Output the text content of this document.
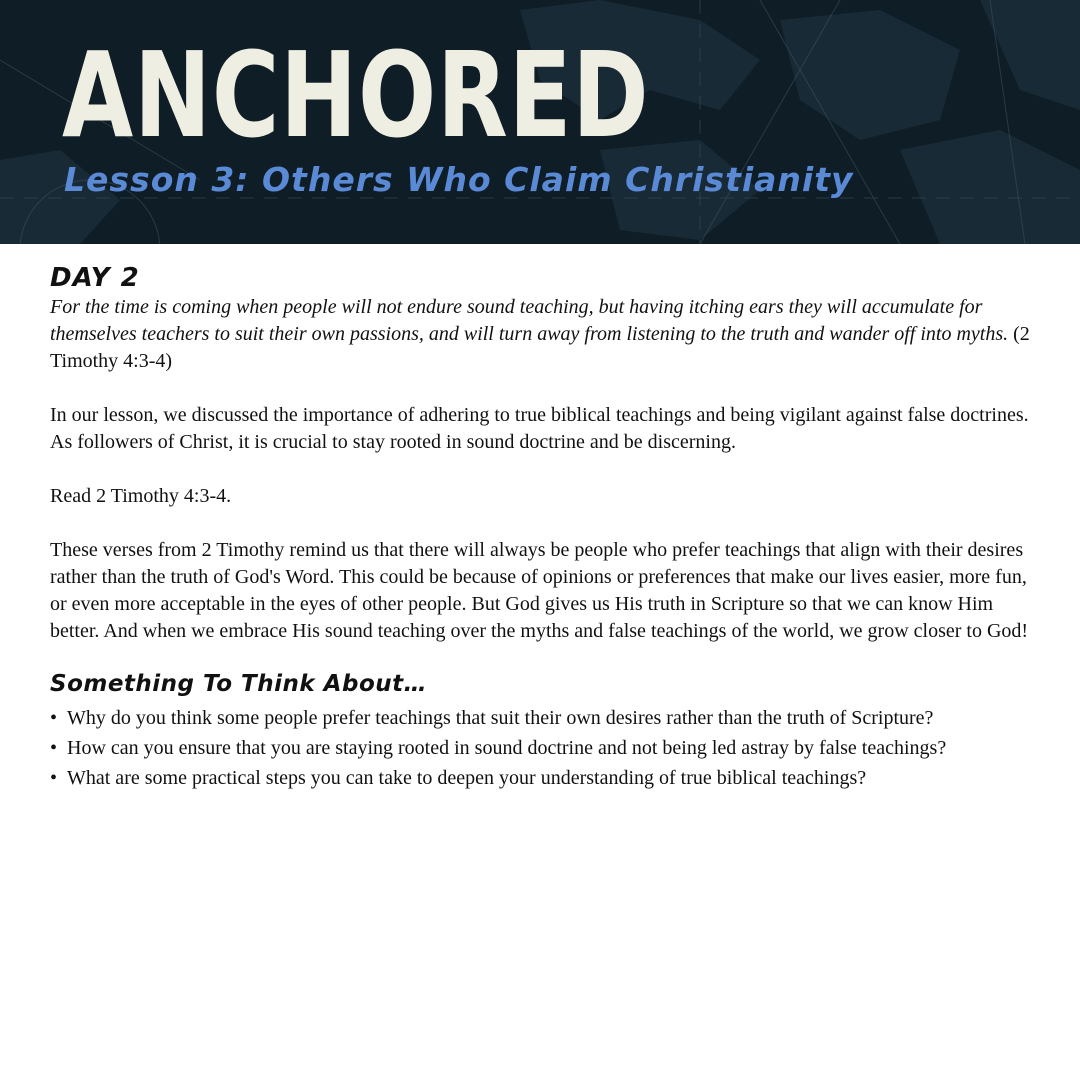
ANCHORED
Lesson 3: Others Who Claim Christianity
DAY 2

For the time is coming when people will not endure sound teaching, but having itching ears they will accumulate for themselves teachers to suit their own passions, and will turn away from listening to the truth and wander off into myths. (2 Timothy 4:3-4)

In our lesson, we discussed the importance of adhering to true biblical teachings and being vigilant against false doctrines. As followers of Christ, it is crucial to stay rooted in sound doctrine and be discerning.

Read 2 Timothy 4:3-4.

These verses from 2 Timothy remind us that there will always be people who prefer teachings that align with their desires rather than the truth of God's Word. This could be because of opinions or preferences that make our lives easier, more fun, or even more acceptable in the eyes of other people. But God gives us His truth in Scripture so that we can know Him better. And when we embrace His sound teaching over the myths and false teachings of the world, we grow closer to God!

Something To Think About…
• Why do you think some people prefer teachings that suit their own desires rather than the truth of Scripture?
• How can you ensure that you are staying rooted in sound doctrine and not being led astray by false teachings?
• What are some practical steps you can take to deepen your understanding of true biblical teachings?
